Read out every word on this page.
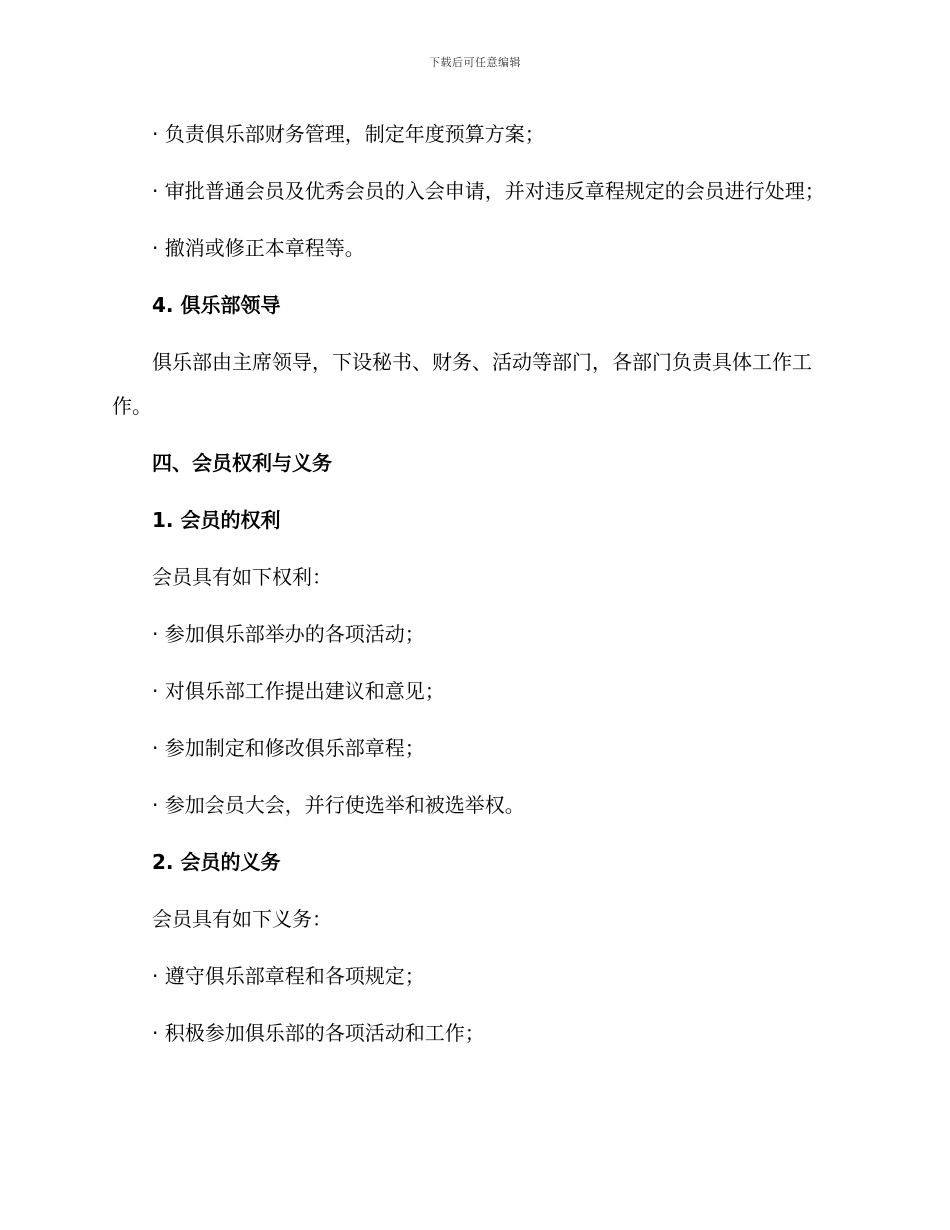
下载后可任意编辑

· 负责俱乐部财务管理，制定年度预算方案；

· 审批普通会员及优秀会员的入会申请，并对违反章程规定的会员进行处理；

· 撤消或修正本章程等。

4. 俱乐部领导

俱乐部由主席领导，下设秘书、财务、活动等部门，各部门负责具体工作工作。

四、会员权利与义务

1. 会员的权利

会员具有如下权利：

· 参加俱乐部举办的各项活动；

· 对俱乐部工作提出建议和意见；

· 参加制定和修改俱乐部章程；

· 参加会员大会，并行使选举和被选举权。

2. 会员的义务

会员具有如下义务：

· 遵守俱乐部章程和各项规定；

· 积极参加俱乐部的各项活动和工作；
